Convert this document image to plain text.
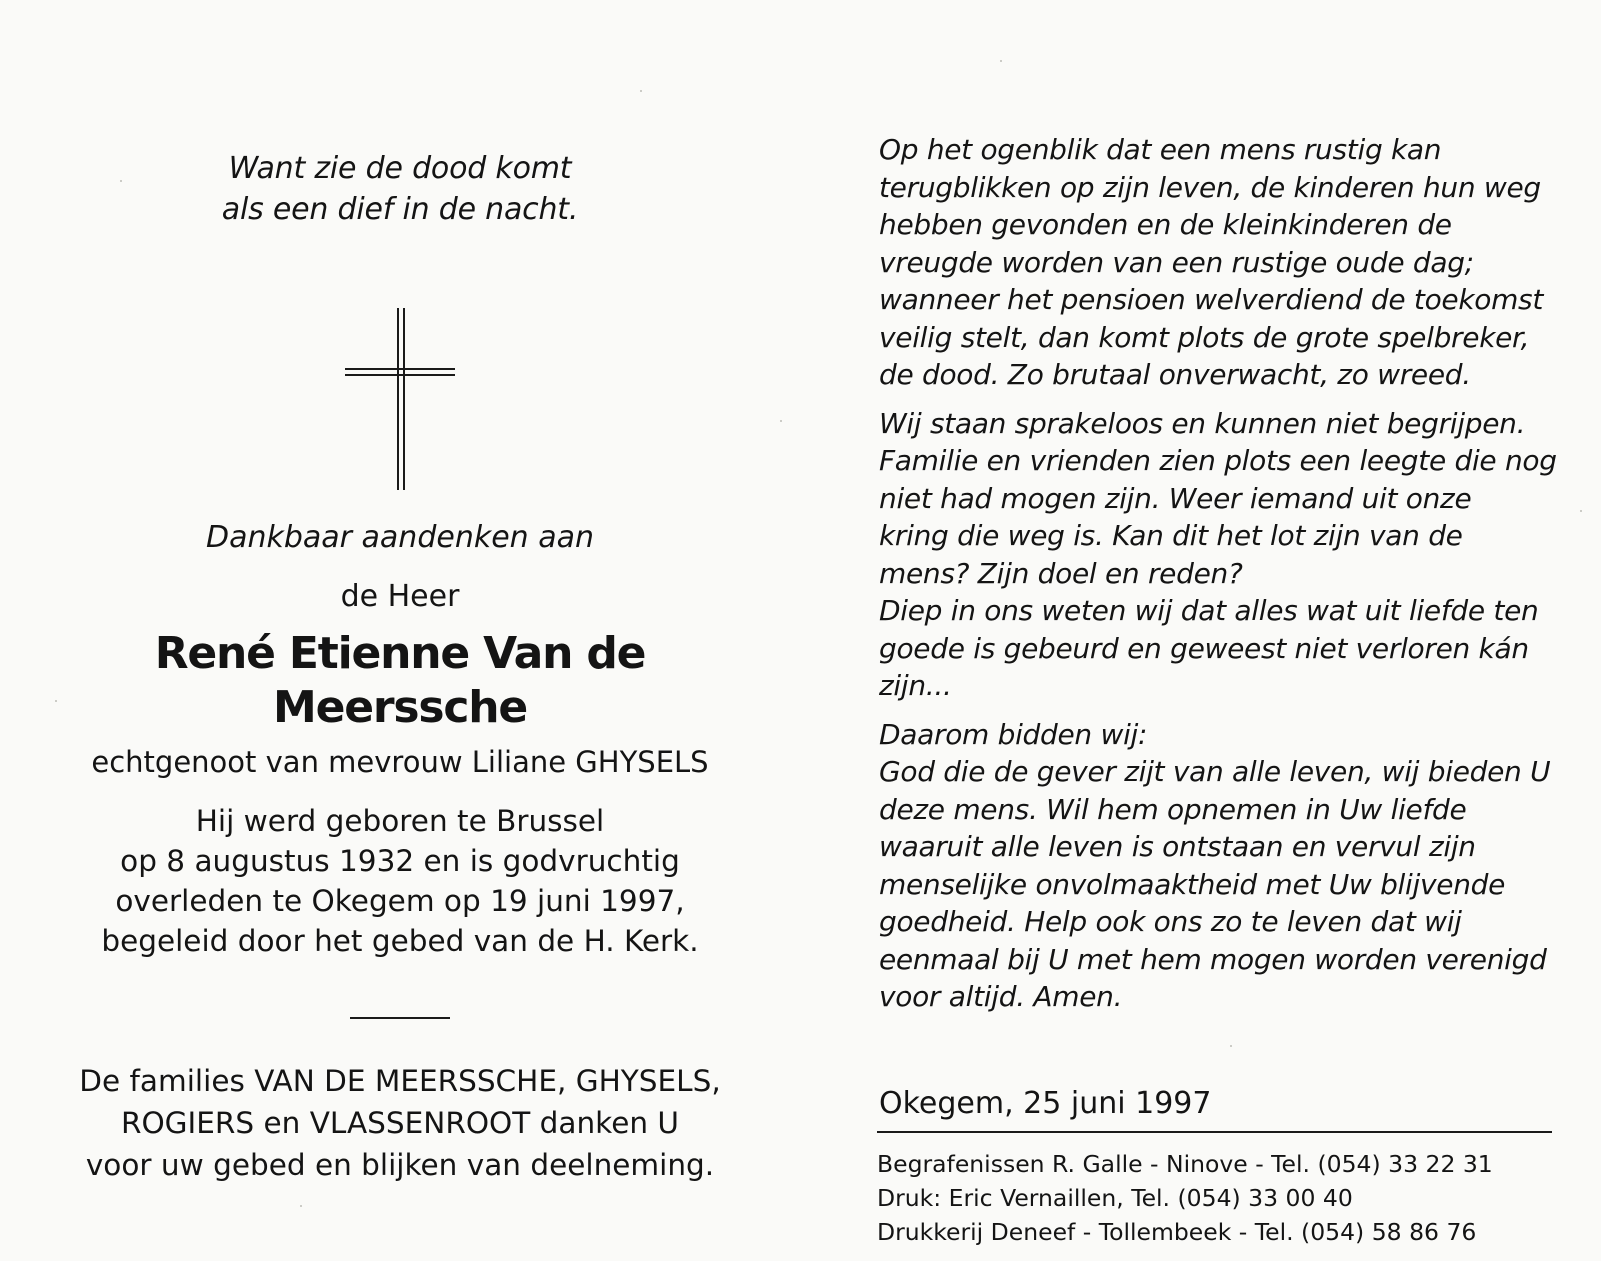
Want zie de dood komt
als een dief in de nacht.
Dankbaar aandenken aan
de Heer
René Etienne Van de Meerssche
echtgenoot van mevrouw Liliane GHYSELS
Hij werd geboren te Brussel
op 8 augustus 1932 en is godvruchtig
overleden te Okegem op 19 juni 1997,
begeleid door het gebed van de H. Kerk.
De families VAN DE MEERSSCHE, GHYSELS,
ROGIERS en VLASSENROOT danken U
voor uw gebed en blijken van deelneming.
Op het ogenblik dat een mens rustig kan
terugblikken op zijn leven, de kinderen hun weg
hebben gevonden en de kleinkinderen de
vreugde worden van een rustige oude dag;
wanneer het pensioen welverdiend de toekomst
veilig stelt, dan komt plots de grote spelbreker,
de dood. Zo brutaal onverwacht, zo wreed.
Wij staan sprakeloos en kunnen niet begrijpen.
Familie en vrienden zien plots een leegte die nog
niet had mogen zijn. Weer iemand uit onze
kring die weg is. Kan dit het lot zijn van de
mens? Zijn doel en reden?
Diep in ons weten wij dat alles wat uit liefde ten
goede is gebeurd en geweest niet verloren kán
zijn...
Daarom bidden wij:
God die de gever zijt van alle leven, wij bieden U
deze mens. Wil hem opnemen in Uw liefde
waaruit alle leven is ontstaan en vervul zijn
menselijke onvolmaaktheid met Uw blijvende
goedheid. Help ook ons zo te leven dat wij
eenmaal bij U met hem mogen worden verenigd
voor altijd. Amen.
Okegem, 25 juni 1997
Begrafenissen R. Galle - Ninove - Tel. (054) 33 22 31
Druk: Eric Vernaillen, Tel. (054) 33 00 40
Drukkerij Deneef - Tollembeek - Tel. (054) 58 86 76
